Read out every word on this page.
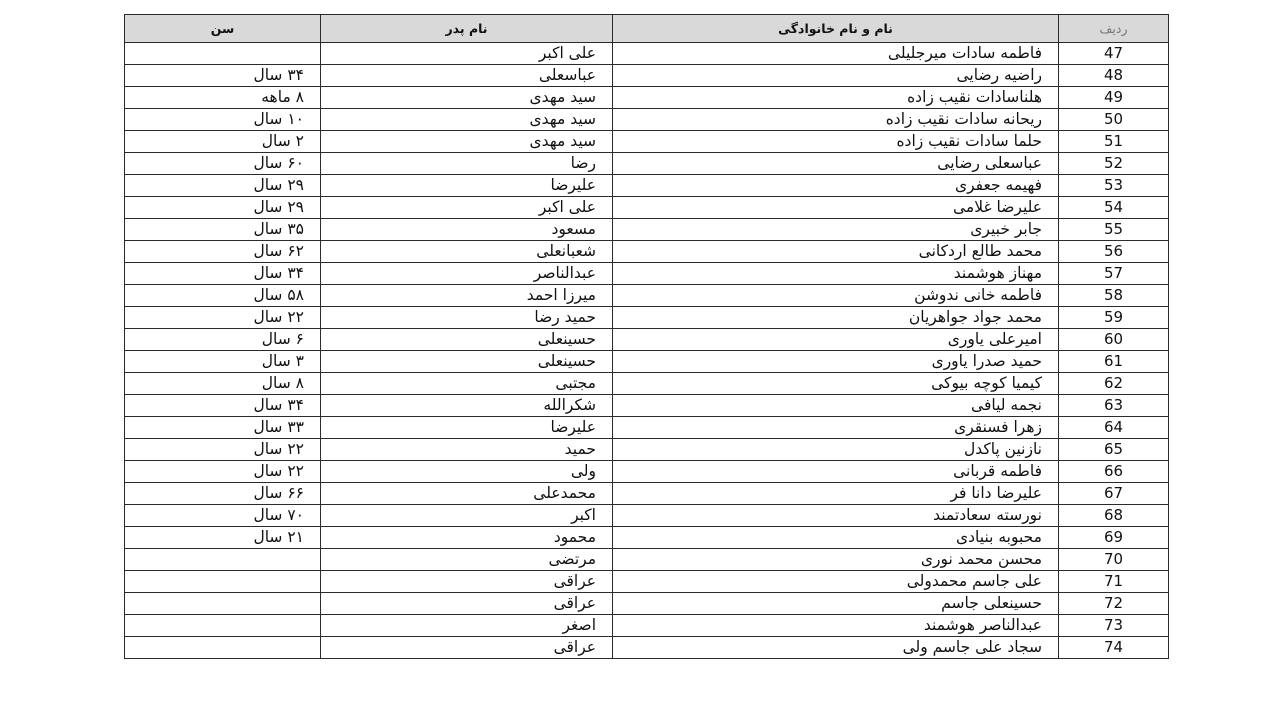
ردیف	نام و نام خانوادگی	نام پدر	سن
47	فاطمه سادات میرجلیلی	علی اکبر	
48	راضیه رضایی	عباسعلی	۳۴ سال
49	هلناسادات نقیب زاده	سید مهدی	۸ ماهه
50	ریحانه سادات نقیب زاده	سید مهدی	۱۰ سال
51	حلما سادات نقیب زاده	سید مهدی	۲ سال
52	عباسعلی رضایی	رضا	۶۰ سال
53	فهیمه جعفری	علیرضا	۲۹ سال
54	علیرضا غلامی	علی اکبر	۲۹ سال
55	جابر خبیری	مسعود	۳۵ سال
56	محمد طالع اردکانی	شعبانعلی	۶۲ سال
57	مهناز هوشمند	عبدالناصر	۳۴ سال
58	فاطمه خانی ندوشن	میرزا احمد	۵۸ سال
59	محمد جواد جواهریان	حمید رضا	۲۲ سال
60	امیرعلی یاوری	حسینعلی	۶ سال
61	حمید صدرا یاوری	حسینعلی	۳ سال
62	کیمیا کوچه بیوکی	مجتبی	۸ سال
63	نجمه لیافی	شکرالله	۳۴ سال
64	زهرا فسنقری	علیرضا	۳۳ سال
65	نازنین پاکدل	حمید	۲۲ سال
66	فاطمه قربانی	ولی	۲۲ سال
67	علیرضا دانا فر	محمدعلی	۶۶ سال
68	نورسته سعادتمند	اکبر	۷۰ سال
69	محبوبه بنیادی	محمود	۲۱ سال
70	محسن محمد نوری	مرتضی	
71	علی جاسم محمدولی	عراقی	
72	حسینعلی جاسم	عراقی	
73	عبدالناصر هوشمند	اصغر	
74	سجاد علی جاسم ولی	عراقی	
